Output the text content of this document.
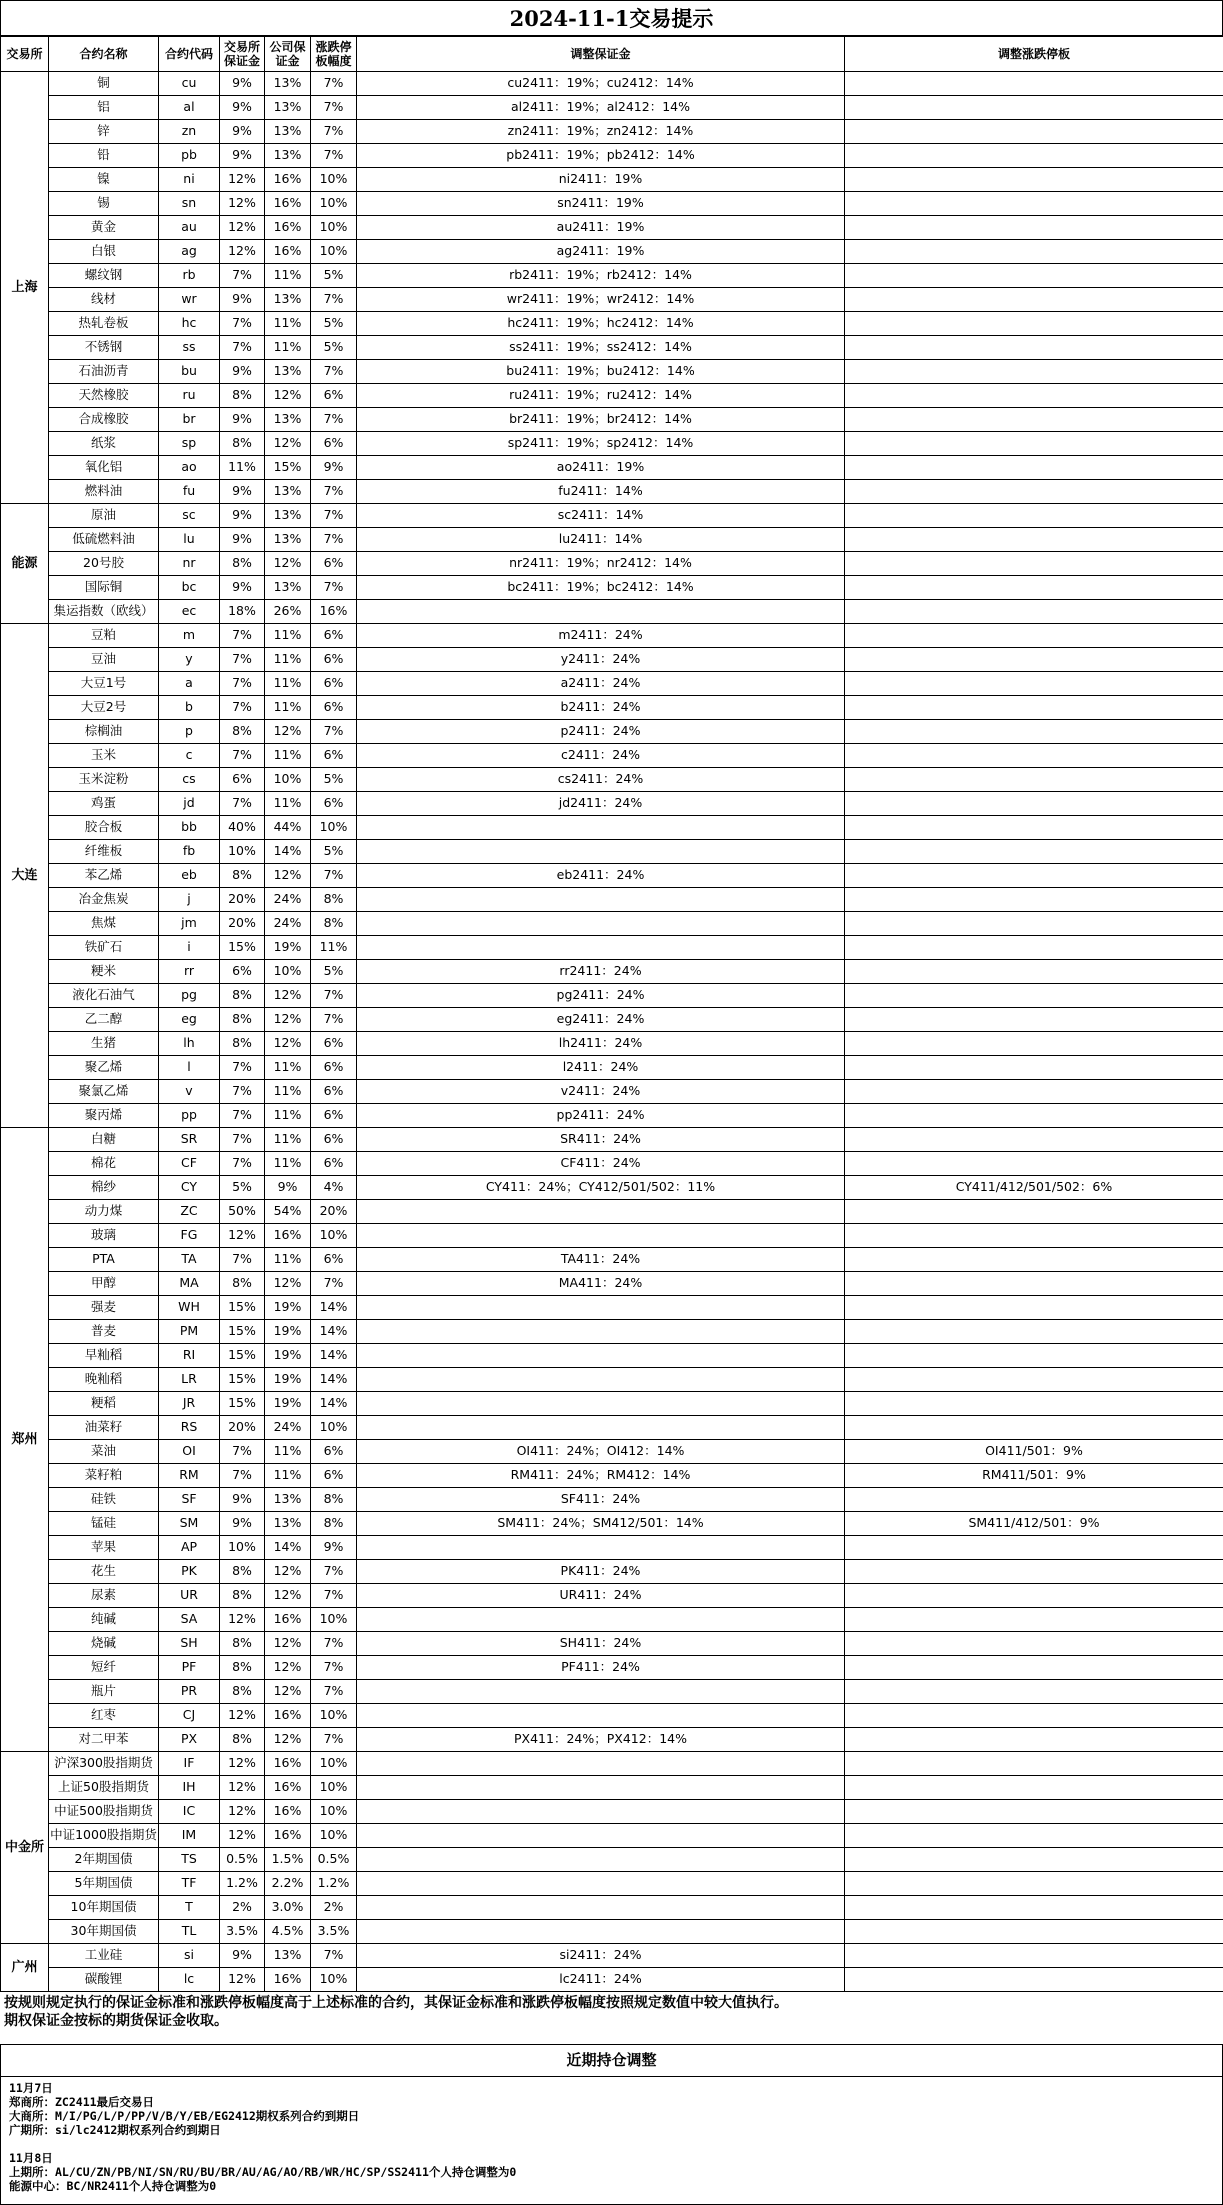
2024-11-1交易提示
交易所	合约名称	合约代码	交易所保证金	公司保证金	涨跌停板幅度	调整保证金	调整涨跌停板
上海	铜	cu	9%	13%	7%	cu2411：19%；cu2412：14%	
	铝	al	9%	13%	7%	al2411：19%；al2412：14%	
	锌	zn	9%	13%	7%	zn2411：19%；zn2412：14%	
	铅	pb	9%	13%	7%	pb2411：19%；pb2412：14%	
	镍	ni	12%	16%	10%	ni2411：19%	
	锡	sn	12%	16%	10%	sn2411：19%	
	黄金	au	12%	16%	10%	au2411：19%	
	白银	ag	12%	16%	10%	ag2411：19%	
	螺纹钢	rb	7%	11%	5%	rb2411：19%；rb2412：14%	
	线材	wr	9%	13%	7%	wr2411：19%；wr2412：14%	
	热轧卷板	hc	7%	11%	5%	hc2411：19%；hc2412：14%	
	不锈钢	ss	7%	11%	5%	ss2411：19%；ss2412：14%	
	石油沥青	bu	9%	13%	7%	bu2411：19%；bu2412：14%	
	天然橡胶	ru	8%	12%	6%	ru2411：19%；ru2412：14%	
	合成橡胶	br	9%	13%	7%	br2411：19%；br2412：14%	
	纸浆	sp	8%	12%	6%	sp2411：19%；sp2412：14%	
	氧化铝	ao	11%	15%	9%	ao2411：19%	
	燃料油	fu	9%	13%	7%	fu2411：14%	
能源	原油	sc	9%	13%	7%	sc2411：14%	
	低硫燃料油	lu	9%	13%	7%	lu2411：14%	
	20号胶	nr	8%	12%	6%	nr2411：19%；nr2412：14%	
	国际铜	bc	9%	13%	7%	bc2411：19%；bc2412：14%	
	集运指数（欧线）	ec	18%	26%	16%		
大连	豆粕	m	7%	11%	6%	m2411：24%	
	豆油	y	7%	11%	6%	y2411：24%	
	大豆1号	a	7%	11%	6%	a2411：24%	
	大豆2号	b	7%	11%	6%	b2411：24%	
	棕榈油	p	8%	12%	7%	p2411：24%	
	玉米	c	7%	11%	6%	c2411：24%	
	玉米淀粉	cs	6%	10%	5%	cs2411：24%	
	鸡蛋	jd	7%	11%	6%	jd2411：24%	
	胶合板	bb	40%	44%	10%		
	纤维板	fb	10%	14%	5%		
	苯乙烯	eb	8%	12%	7%	eb2411：24%	
	冶金焦炭	j	20%	24%	8%		
	焦煤	jm	20%	24%	8%		
	铁矿石	i	15%	19%	11%		
	粳米	rr	6%	10%	5%	rr2411：24%	
	液化石油气	pg	8%	12%	7%	pg2411：24%	
	乙二醇	eg	8%	12%	7%	eg2411：24%	
	生猪	lh	8%	12%	6%	lh2411：24%	
	聚乙烯	l	7%	11%	6%	l2411：24%	
	聚氯乙烯	v	7%	11%	6%	v2411：24%	
	聚丙烯	pp	7%	11%	6%	pp2411：24%	
郑州	白糖	SR	7%	11%	6%	SR411：24%	
	棉花	CF	7%	11%	6%	CF411：24%	
	棉纱	CY	5%	9%	4%	CY411：24%；CY412/501/502：11%	CY411/412/501/502：6%
	动力煤	ZC	50%	54%	20%		
	玻璃	FG	12%	16%	10%		
	PTA	TA	7%	11%	6%	TA411：24%	
	甲醇	MA	8%	12%	7%	MA411：24%	
	强麦	WH	15%	19%	14%		
	普麦	PM	15%	19%	14%		
	早籼稻	RI	15%	19%	14%		
	晚籼稻	LR	15%	19%	14%		
	粳稻	JR	15%	19%	14%		
	油菜籽	RS	20%	24%	10%		
	菜油	OI	7%	11%	6%	OI411：24%；OI412：14%	OI411/501：9%
	菜籽粕	RM	7%	11%	6%	RM411：24%；RM412：14%	RM411/501：9%
	硅铁	SF	9%	13%	8%	SF411：24%	
	锰硅	SM	9%	13%	8%	SM411：24%；SM412/501：14%	SM411/412/501：9%
	苹果	AP	10%	14%	9%		
	花生	PK	8%	12%	7%	PK411：24%	
	尿素	UR	8%	12%	7%	UR411：24%	
	纯碱	SA	12%	16%	10%		
	烧碱	SH	8%	12%	7%	SH411：24%	
	短纤	PF	8%	12%	7%	PF411：24%	
	瓶片	PR	8%	12%	7%		
	红枣	CJ	12%	16%	10%		
	对二甲苯	PX	8%	12%	7%	PX411：24%；PX412：14%	
中金所	沪深300股指期货	IF	12%	16%	10%		
	上证50股指期货	IH	12%	16%	10%		
	中证500股指期货	IC	12%	16%	10%		
	中证1000股指期货	IM	12%	16%	10%		
	2年期国债	TS	0.5%	1.5%	0.5%		
	5年期国债	TF	1.2%	2.2%	1.2%		
	10年期国债	T	2%	3.0%	2%		
	30年期国债	TL	3.5%	4.5%	3.5%		
广州	工业硅	si	9%	13%	7%	si2411：24%	
	碳酸锂	lc	12%	16%	10%	lc2411：24%	
按规则规定执行的保证金标准和涨跌停板幅度高于上述标准的合约，其保证金标准和涨跌停板幅度按照规定数值中较大值执行。
期权保证金按标的期货保证金收取。
近期持仓调整
11月7日
郑商所：ZC2411最后交易日
大商所：M/I/PG/L/P/PP/V/B/Y/EB/EG2412期权系列合约到期日
广期所：si/lc2412期权系列合约到期日
11月8日
上期所：AL/CU/ZN/PB/NI/SN/RU/BU/BR/AU/AG/AO/RB/WR/HC/SP/SS2411个人持仓调整为0
能源中心：BC/NR2411个人持仓调整为0
